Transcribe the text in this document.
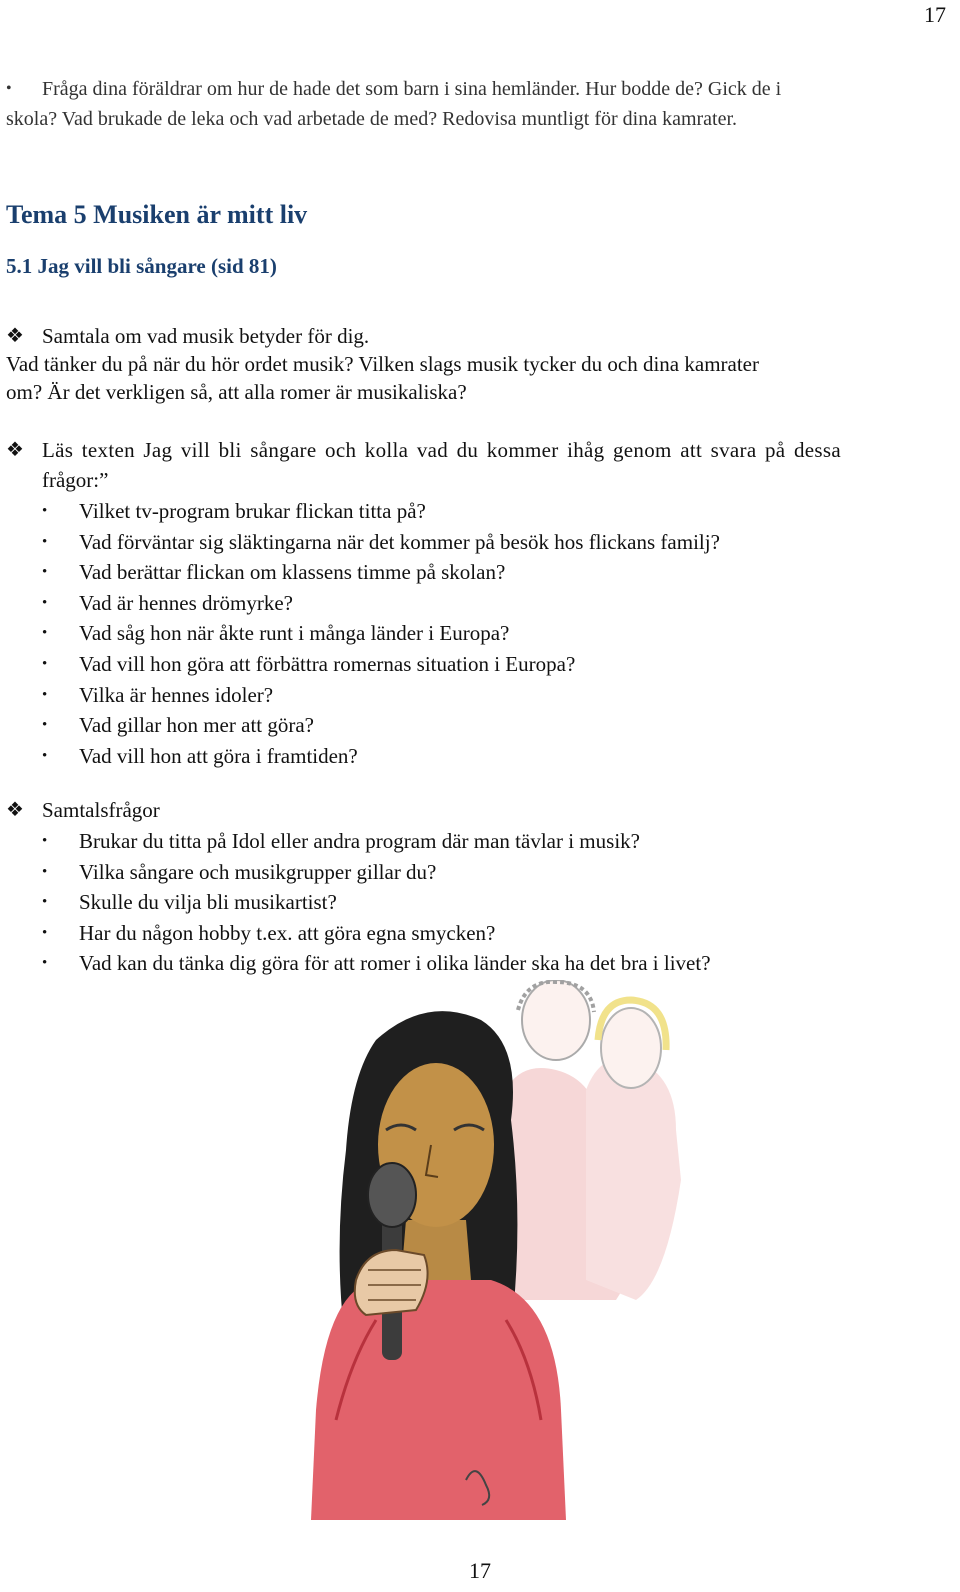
17
• Fråga dina föräldrar om hur de hade det som barn i sina hemländer. Hur bodde de? Gick de i
skola? Vad brukade de leka och vad arbetade de med? Redovisa muntligt för dina kamrater.
Tema 5 Musiken är mitt liv
5.1 Jag vill bli sångare (sid 81)
❖ Samtala om vad musik betyder för dig.
Vad tänker du på när du hör ordet musik? Vilken slags musik tycker du och dina kamrater
om? Är det verkligen så, att alla romer är musikaliska?
❖ Läs texten Jag vill bli sångare och kolla vad du kommer ihåg genom att svara på dessa
frågor:”
• Vilket tv-program brukar flickan titta på?
• Vad förväntar sig släktingarna när det kommer på besök hos flickans familj?
• Vad berättar flickan om klassens timme på skolan?
• Vad är hennes drömyrke?
• Vad såg hon när åkte runt i många länder i Europa?
• Vad vill hon göra att förbättra romernas situation i Europa?
• Vilka är hennes idoler?
• Vad gillar hon mer att göra?
• Vad vill hon att göra i framtiden?
❖ Samtalsfrågor
• Brukar du titta på Idol eller andra program där man tävlar i musik?
• Vilka sångare och musikgrupper gillar du?
• Skulle du vilja bli musikartist?
• Har du någon hobby t.ex. att göra egna smycken?
• Vad kan du tänka dig göra för att romer i olika länder ska ha det bra i livet?
17
